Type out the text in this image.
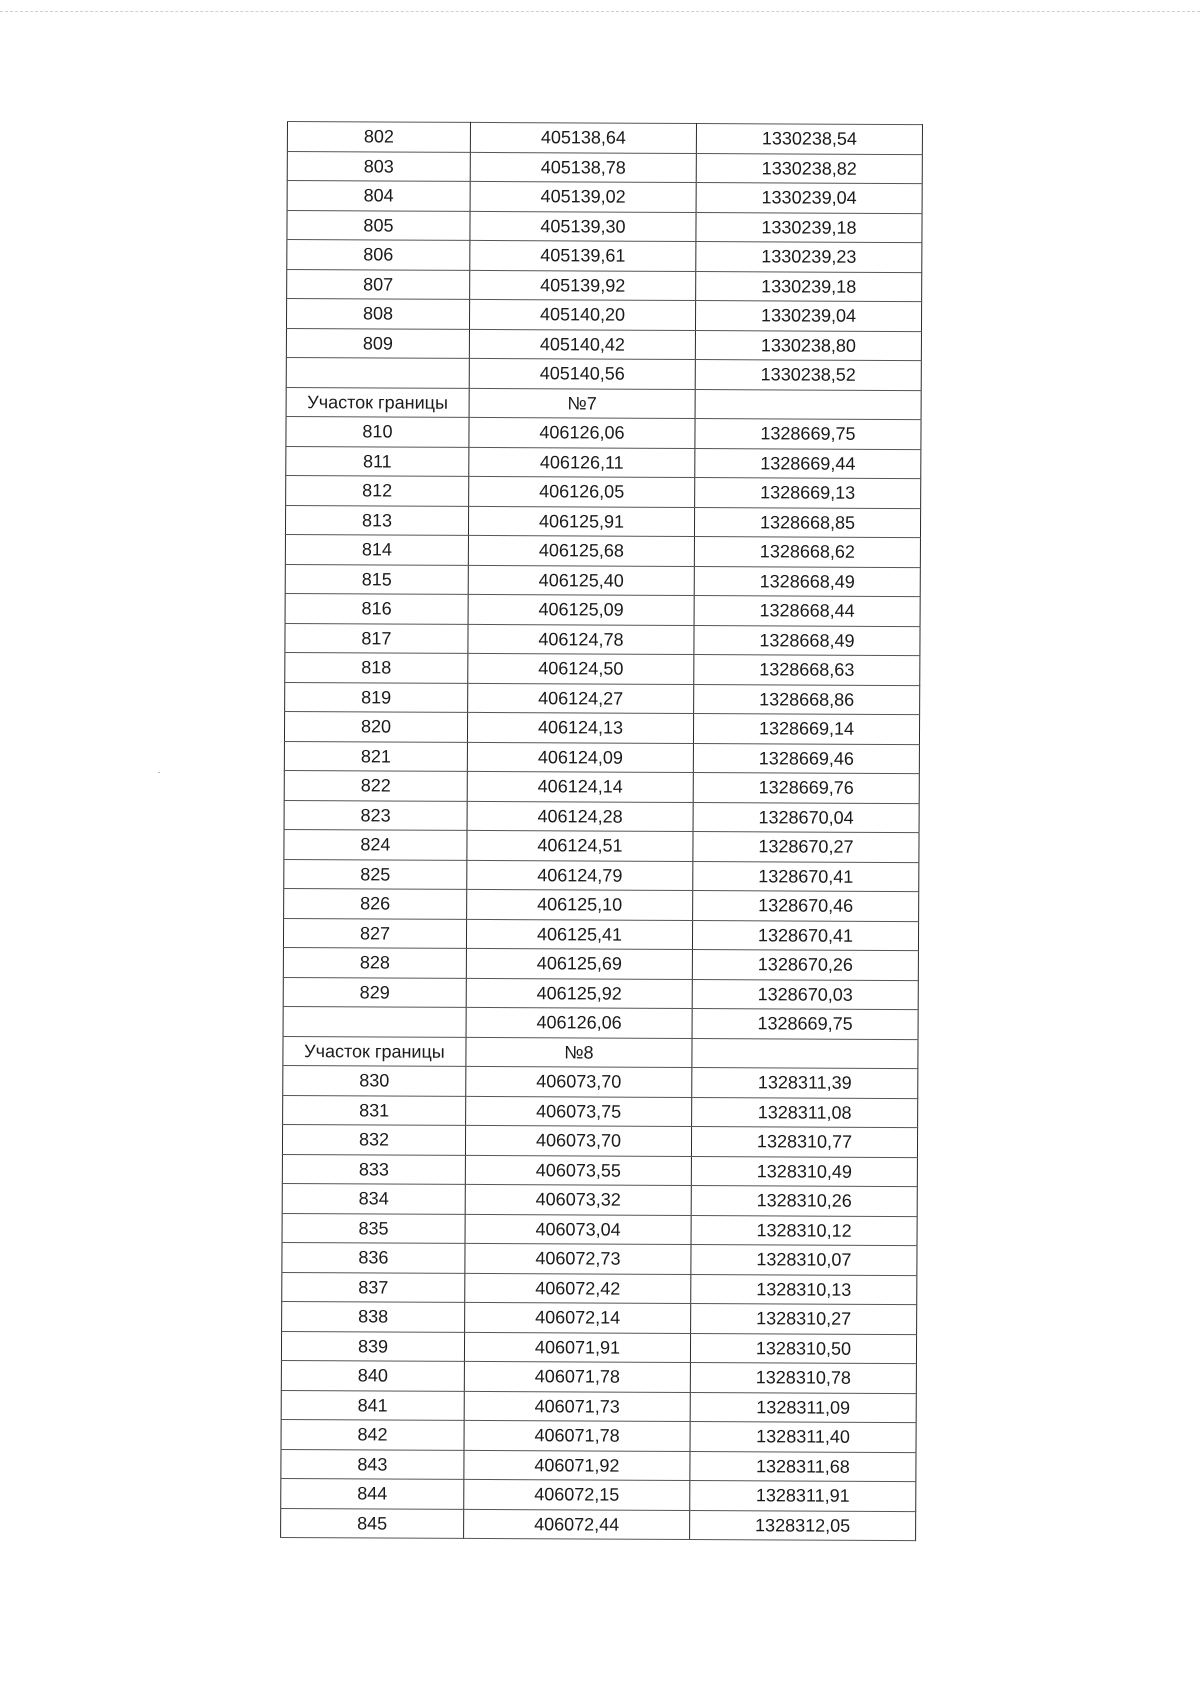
802	405138,64	1330238,54
803	405138,78	1330238,82
804	405139,02	1330239,04
805	405139,30	1330239,18
806	405139,61	1330239,23
807	405139,92	1330239,18
808	405140,20	1330239,04
809	405140,42	1330238,80
	405140,56	1330238,52
Участок границы	№7	
810	406126,06	1328669,75
811	406126,11	1328669,44
812	406126,05	1328669,13
813	406125,91	1328668,85
814	406125,68	1328668,62
815	406125,40	1328668,49
816	406125,09	1328668,44
817	406124,78	1328668,49
818	406124,50	1328668,63
819	406124,27	1328668,86
820	406124,13	1328669,14
821	406124,09	1328669,46
822	406124,14	1328669,76
823	406124,28	1328670,04
824	406124,51	1328670,27
825	406124,79	1328670,41
826	406125,10	1328670,46
827	406125,41	1328670,41
828	406125,69	1328670,26
829	406125,92	1328670,03
	406126,06	1328669,75
Участок границы	№8	
830	406073,70	1328311,39
831	406073,75	1328311,08
832	406073,70	1328310,77
833	406073,55	1328310,49
834	406073,32	1328310,26
835	406073,04	1328310,12
836	406072,73	1328310,07
837	406072,42	1328310,13
838	406072,14	1328310,27
839	406071,91	1328310,50
840	406071,78	1328310,78
841	406071,73	1328311,09
842	406071,78	1328311,40
843	406071,92	1328311,68
844	406072,15	1328311,91
845	406072,44	1328312,05
